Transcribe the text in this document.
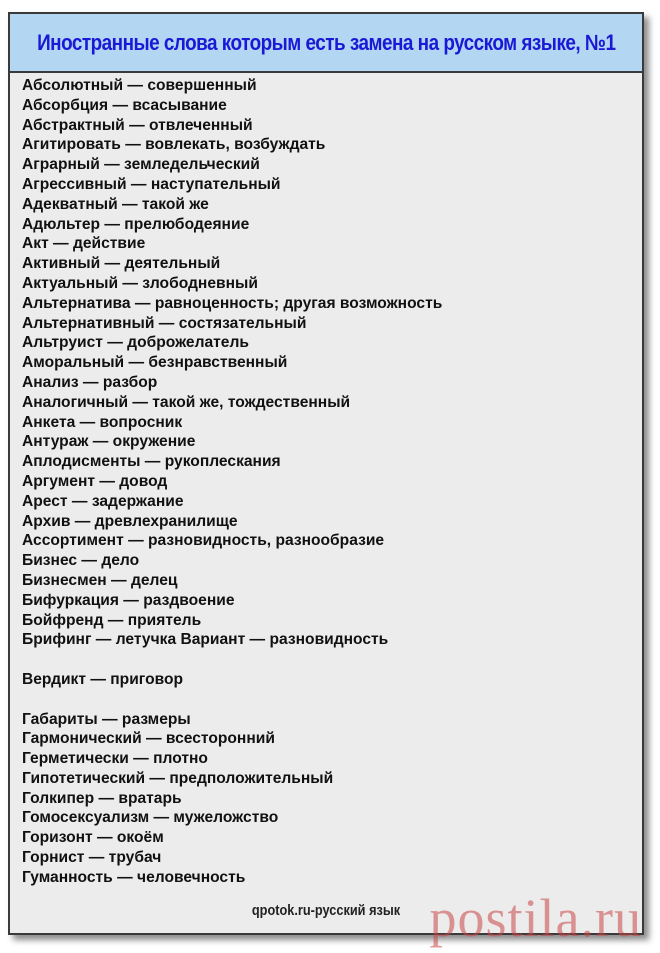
Иностранные слова которым есть замена на русском языке, №1
Абсолютный — совершенный
Абсорбция — всасывание
Абстрактный — отвлеченный
Агитировать — вовлекать, возбуждать
Аграрный — земледельческий
Агрессивный — наступательный
Адекватный — такой же
Адюльтер — прелюбодеяние
Акт — действие
Активный — деятельный
Актуальный — злободневный
Альтернатива — равноценность; другая возможность
Альтернативный — состязательный
Альтруист — доброжелатель
Аморальный — безнравственный
Анализ — разбор
Аналогичный — такой же, тождественный
Анкета — вопросник
Антураж — окружение
Аплодисменты — рукоплескания
Аргумент — довод
Арест — задержание
Архив — древлехранилище
Ассортимент — разновидность, разнообразие
Бизнес — дело
Бизнесмен — делец
Бифуркация — раздвоение
Бойфренд — приятель
Брифинг — летучка Вариант — разновидность
Вердикт — приговор
Габариты — размеры
Гармонический — всесторонний
Герметически — плотно
Гипотетический — предположительный
Голкипер — вратарь
Гомосексуализм — мужеложство
Горизонт — окоём
Горнист — трубач
Гуманность — человечность
qpotok.ru-русский язык postila.ru
